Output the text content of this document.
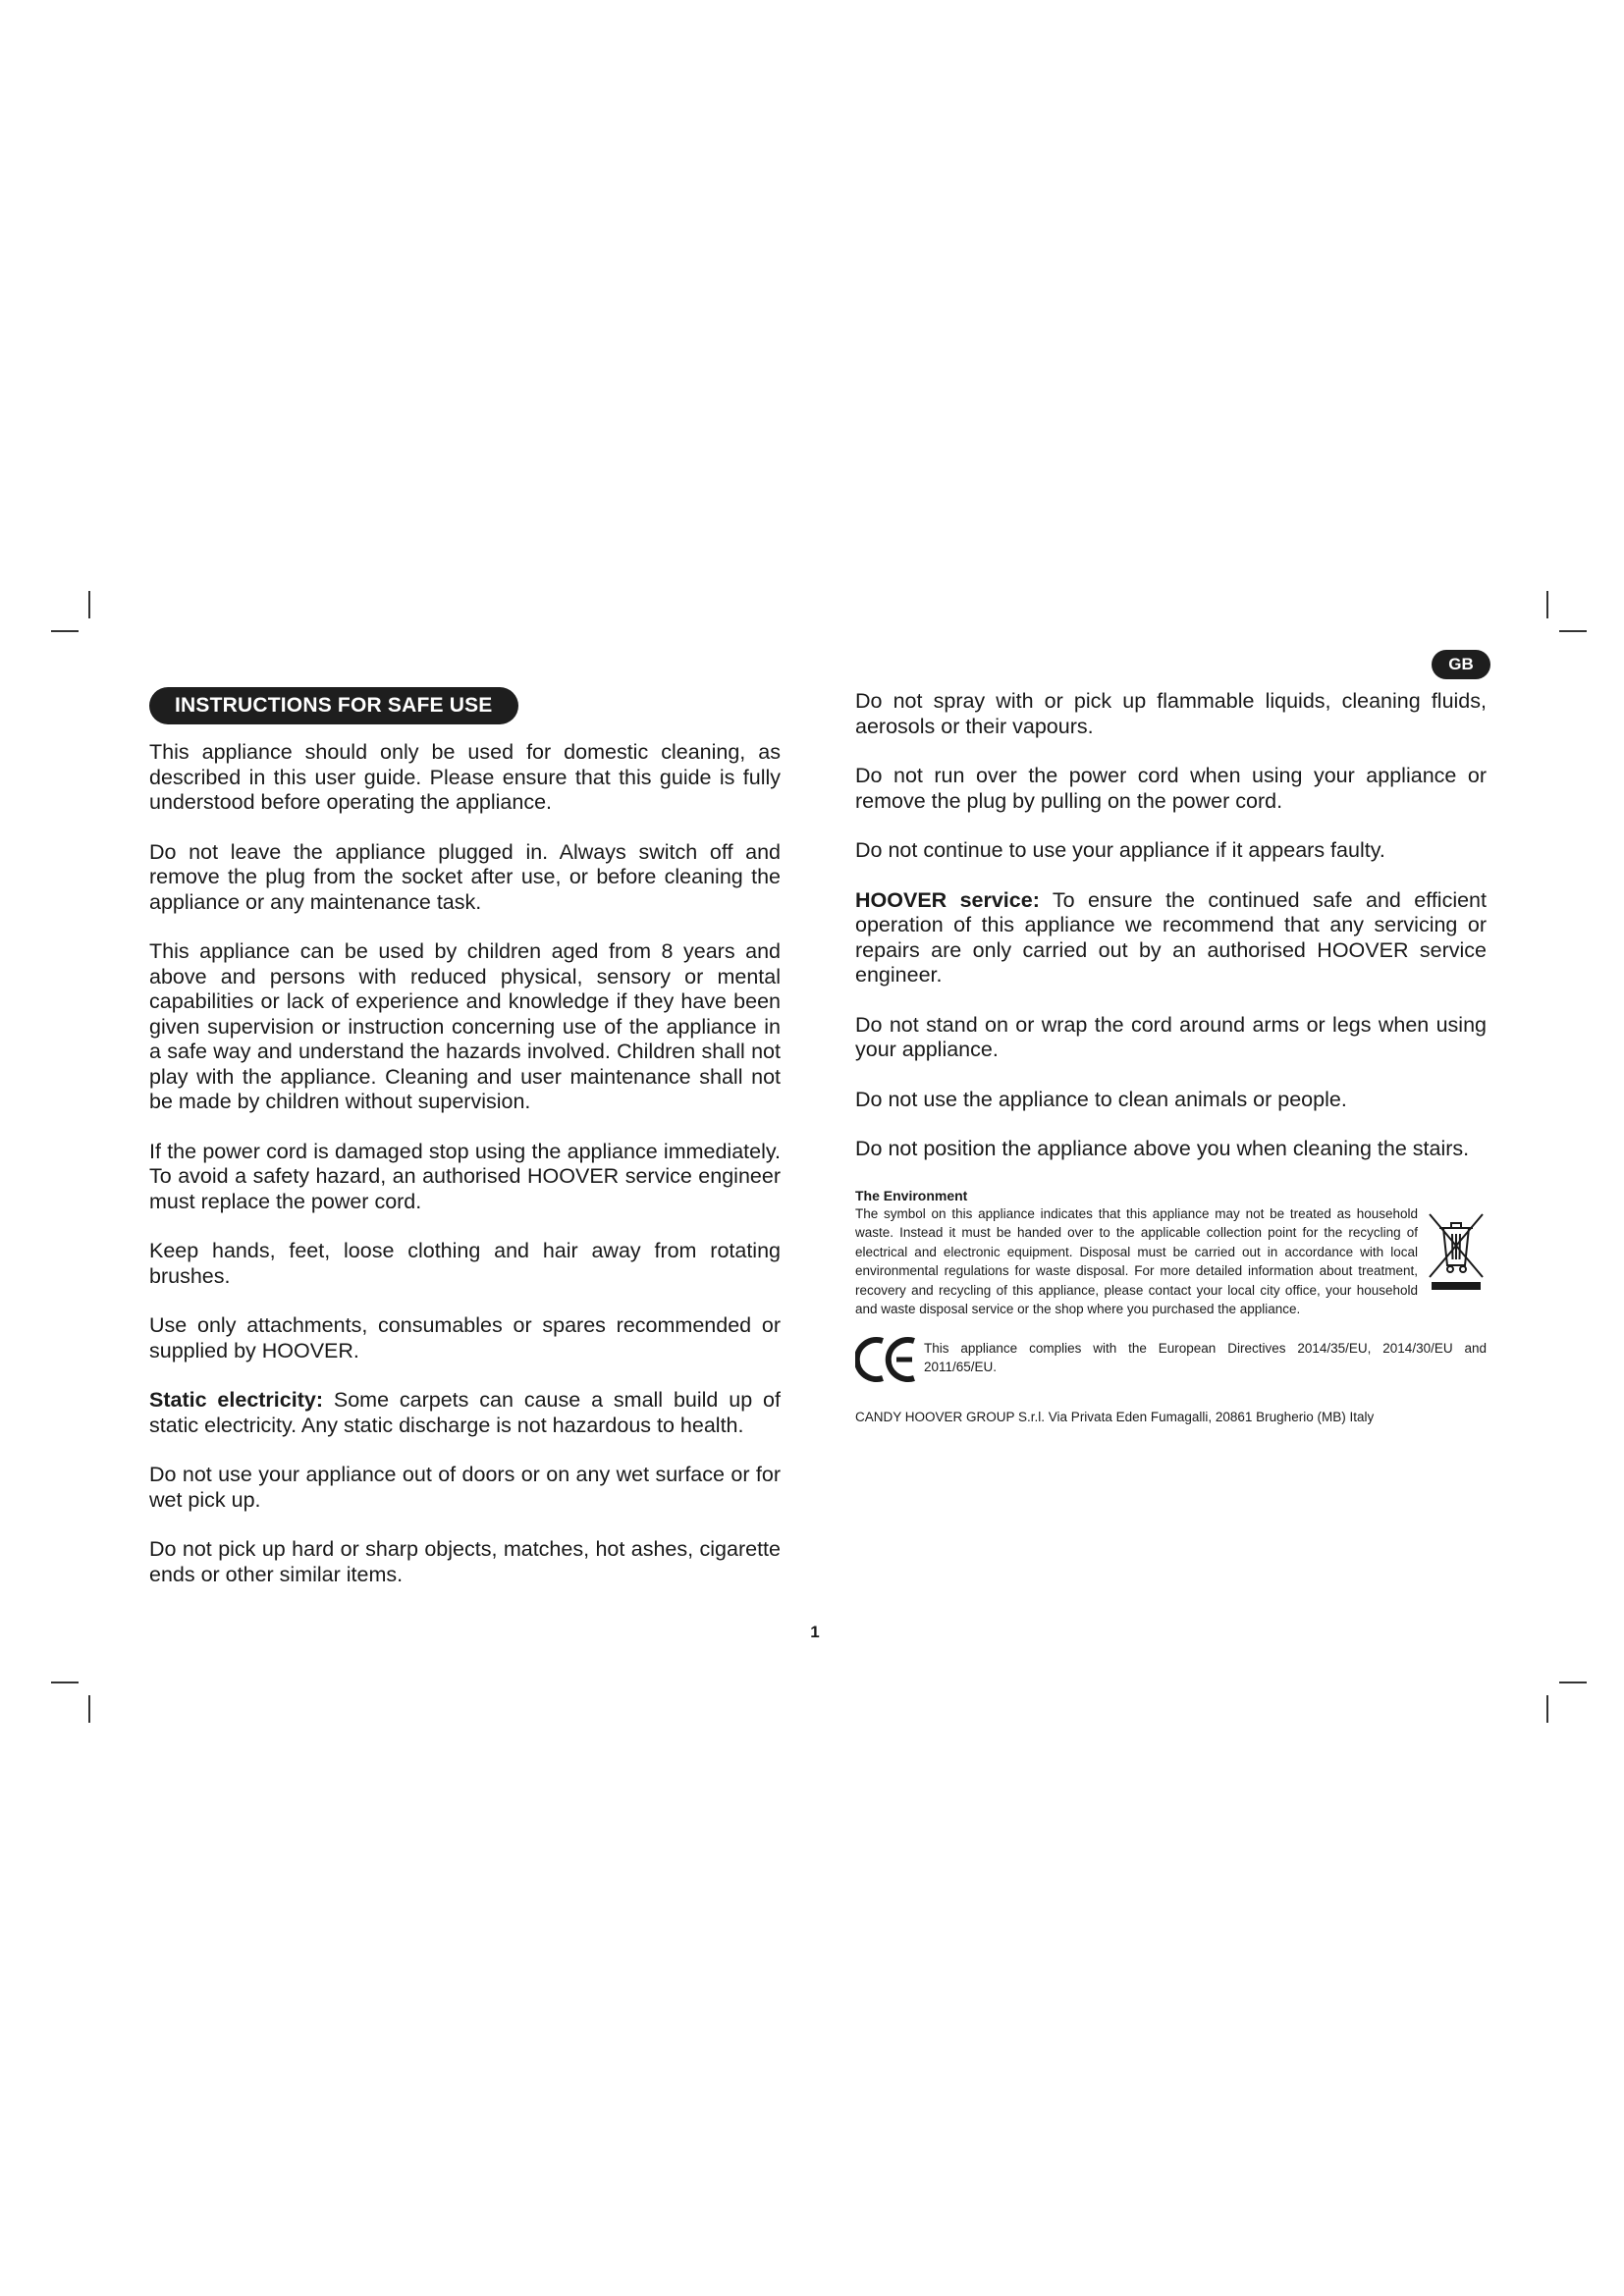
GB
INSTRUCTIONS FOR SAFE USE

This appliance should only be used for domestic cleaning, as described in this user guide. Please ensure that this guide is fully understood before operating the appliance.

Do not leave the appliance plugged in. Always switch off and remove the plug from the socket after use, or before cleaning the appliance or any maintenance task.

This appliance can be used by children aged from 8 years and above and persons with reduced physical, sensory or mental capabilities or lack of experience and knowledge if they have been given supervision or instruction concerning use of the appliance in a safe way and understand the hazards involved. Children shall not play with the appliance. Cleaning and user maintenance shall not be made by children without supervision.

If the power cord is damaged stop using the appliance immediately. To avoid a safety hazard, an authorised HOOVER service engineer must replace the power cord.

Keep hands, feet, loose clothing and hair away from rotating brushes.

Use only attachments, consumables or spares recommended or supplied by HOOVER.

Static electricity: Some carpets can cause a small build up of static electricity. Any static discharge is not hazardous to health.

Do not use your appliance out of doors or on any wet surface or for wet pick up.

Do not pick up hard or sharp objects, matches, hot ashes, cigarette ends or other similar items.

Do not spray with or pick up flammable liquids, cleaning fluids, aerosols or their vapours.

Do not run over the power cord when using your appliance or remove the plug by pulling on the power cord.

Do not continue to use your appliance if it appears faulty.

HOOVER service: To ensure the continued safe and efficient operation of this appliance we recommend that any servicing or repairs are only carried out by an authorised HOOVER service engineer.

Do not stand on or wrap the cord around arms or legs when using your appliance.

Do not use the appliance to clean animals or people.

Do not position the appliance above you when cleaning the stairs.

The Environment

The symbol on this appliance indicates that this appliance may not be treated as household waste. Instead it must be handed over to the applicable collection point for the recycling of electrical and electronic equipment. Disposal must be carried out in accordance with local environmental regulations for waste disposal. For more detailed information about treatment, recovery and recycling of this appliance, please contact your local city office, your household and waste disposal service or the shop where you purchased the appliance.

This appliance complies with the European Directives 2014/35/EU, 2014/30/EU and 2011/65/EU.

CANDY HOOVER GROUP S.r.l. Via Privata Eden Fumagalli, 20861 Brugherio (MB) Italy

1
